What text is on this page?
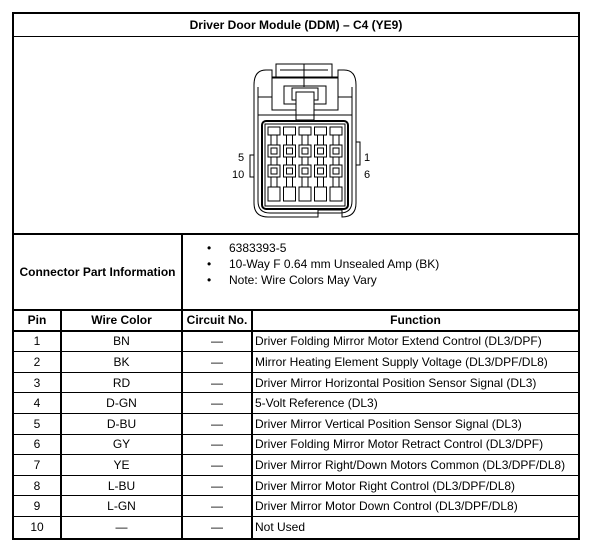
Driver Door Module (DDM) – C4 (YE9)
5
10
1
6
Connector Part Information
• 6383393-5
• 10-Way F 0.64 mm Unsealed Amp (BK)
• Note: Wire Colors May Vary
Pin	Wire Color	Circuit No.	Function
1	BN	—	Driver Folding Mirror Motor Extend Control (DL3/DPF)
2	BK	—	Mirror Heating Element Supply Voltage (DL3/DPF/DL8)
3	RD	—	Driver Mirror Horizontal Position Sensor Signal (DL3)
4	D-GN	—	5-Volt Reference (DL3)
5	D-BU	—	Driver Mirror Vertical Position Sensor Signal (DL3)
6	GY	—	Driver Folding Mirror Motor Retract Control (DL3/DPF)
7	YE	—	Driver Mirror Right/Down Motors Common (DL3/DPF/DL8)
8	L-BU	—	Driver Mirror Motor Right Control (DL3/DPF/DL8)
9	L-GN	—	Driver Mirror Motor Down Control (DL3/DPF/DL8)
10	—	—	Not Used
